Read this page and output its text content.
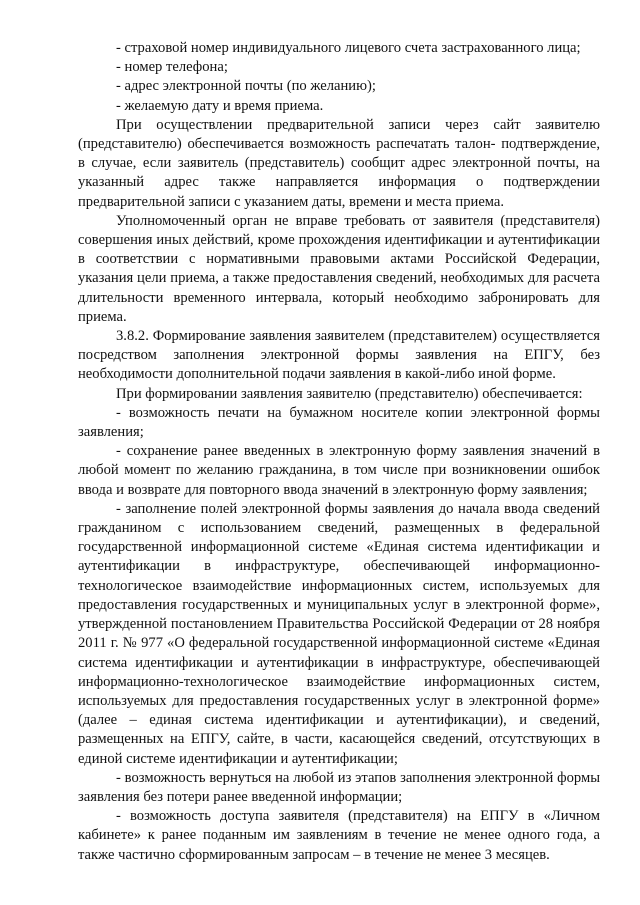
- страховой номер индивидуального лицевого счета застрахованного лица;

- номер телефона;

- адрес электронной почты (по желанию);

- желаемую дату и время приема.

При осуществлении предварительной записи через сайт заявителю (представителю) обеспечивается возможность распечатать талон- подтверждение, в случае, если заявитель (представитель) сообщит адрес электронной почты, на указанный адрес также направляется информация о подтверждении предварительной записи с указанием даты, времени и места приема.

Уполномоченный орган не вправе требовать от заявителя (представителя) совершения иных действий, кроме прохождения идентификации и аутентификации в соответствии с нормативными правовыми актами Российской Федерации, указания цели приема, а также предоставления сведений, необходимых для расчета длительности временного интервала, который необходимо забронировать для приема.

3.8.2. Формирование заявления заявителем (представителем) осуществляется посредством заполнения электронной формы заявления на ЕПГУ, без необходимости дополнительной подачи заявления в какой-либо иной форме.

При формировании заявления заявителю (представителю) обеспечивается:

- возможность печати на бумажном носителе копии электронной формы заявления;

- сохранение ранее введенных в электронную форму заявления значений в любой момент по желанию гражданина, в том числе при возникновении ошибок ввода и возврате для повторного ввода значений в электронную форму заявления;

- заполнение полей электронной формы заявления до начала ввода сведений гражданином с использованием сведений, размещенных в федеральной государственной информационной системе «Единая система идентификации и аутентификации в инфраструктуре, обеспечивающей информационно-технологическое взаимодействие информационных систем, используемых для предоставления государственных и муниципальных услуг в электронной форме», утвержденной постановлением Правительства Российской Федерации от 28 ноября 2011 г. № 977 «О федеральной государственной информационной системе «Единая система идентификации и аутентификации в инфраструктуре, обеспечивающей информационно-технологическое взаимодействие информационных систем, используемых для предоставления государственных услуг в электронной форме» (далее – единая система идентификации и аутентификации), и сведений, размещенных на ЕПГУ, сайте, в части, касающейся сведений, отсутствующих в единой системе идентификации и аутентификации;

- возможность вернуться на любой из этапов заполнения электронной формы заявления без потери ранее введенной информации;

- возможность доступа заявителя (представителя) на ЕПГУ в «Личном кабинете» к ранее поданным им заявлениям в течение не менее одного года, а также частично сформированным запросам – в течение не менее 3 месяцев.
